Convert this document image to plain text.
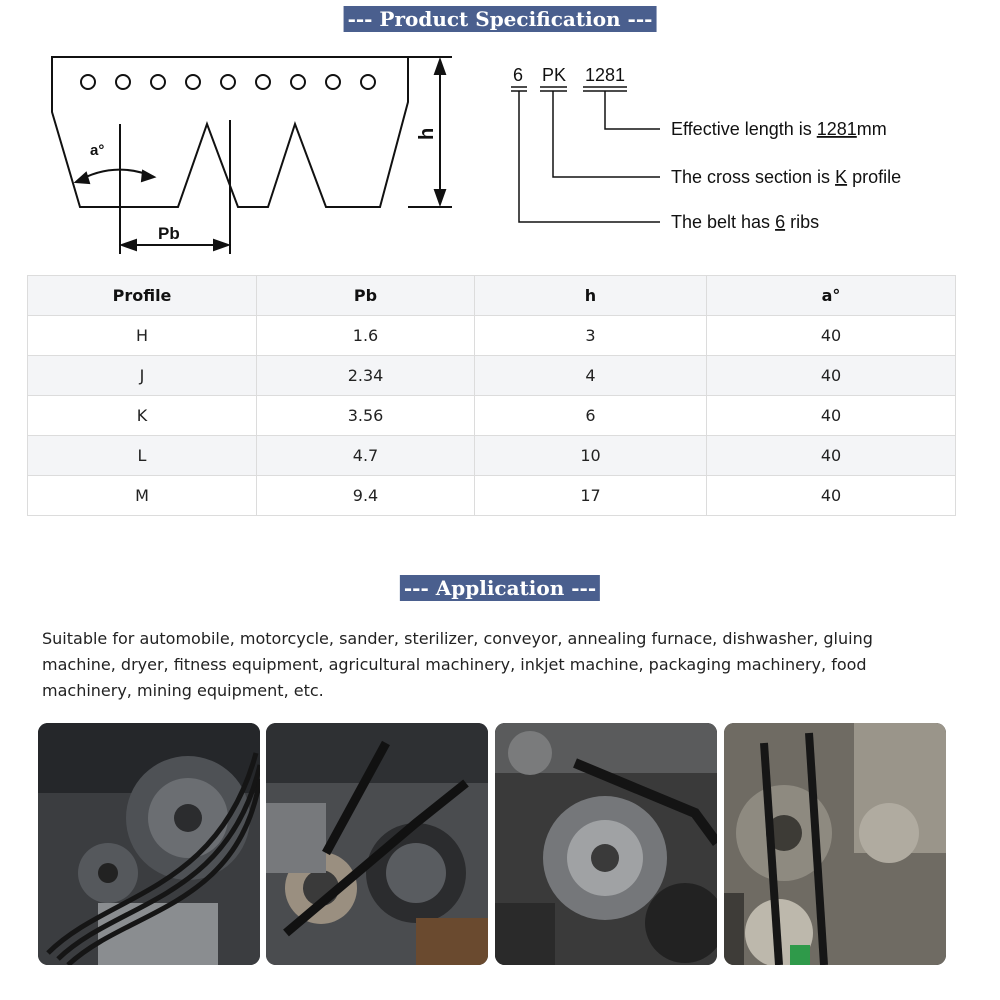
--- Product Specification ---
a°
h
Pb
6 PK 1281
Effective length is 1281mm
The cross section is K profile
The belt has 6 ribs
Profile	Pb	h	a°
H	1.6	3	40
J	2.34	4	40
K	3.56	6	40
L	4.7	10	40
M	9.4	17	40
--- Application ---

Suitable for automobile, motorcycle, sander, sterilizer, conveyor, annealing furnace, dishwasher, gluing machine, dryer, fitness equipment, agricultural machinery, inkjet machine, packaging machinery, food machinery, mining equipment, etc.
